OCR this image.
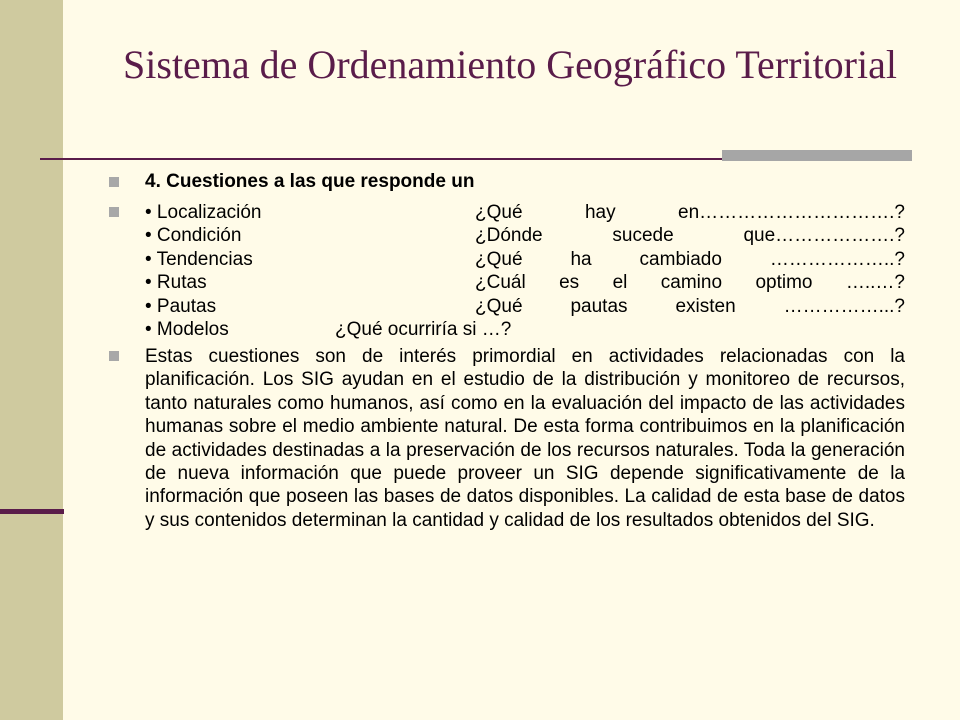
Sistema de Ordenamiento Geográfico Territorial
4. Cuestiones a las que responde un
• Localización	¿Qué	hay	en………………………….?
• Condición	¿Dónde	sucede	que……………….?
• Tendencias	¿Qué	ha	cambiado	………………..?
• Rutas	¿Cuál es el camino optimo …..…?
• Pautas	¿Qué	pautas	existen	……………...?
• Modelos	¿Qué ocurriría si …?
Estas cuestiones son de interés primordial en actividades relacionadas con la planificación. Los SIG ayudan en el estudio de la distribución y monitoreo de recursos, tanto naturales como humanos, así como en la evaluación del impacto de las actividades humanas sobre el medio ambiente natural. De esta forma contribuimos en la planificación de actividades destinadas a la preservación de los recursos naturales. Toda la generación de nueva información que puede proveer un SIG depende significativamente de la información que poseen las bases de datos disponibles. La calidad de esta base de datos y sus contenidos determinan la cantidad y calidad de los resultados obtenidos del SIG.
